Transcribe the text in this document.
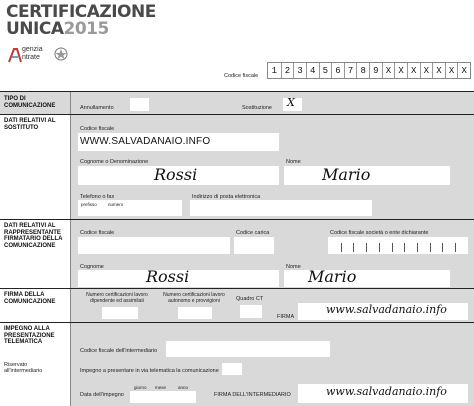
CERTIFICAZIONE
UNICA2015
genzia
ntrate
Codice fiscale	1 2 3 4 5 6 7 8 9 X X X X X X X
TIPO DI COMUNICAZIONE	Annullamento	Sostituzione X
DATI RELATIVI AL SOSTITUTO	Codice fiscale
WWW.SALVADANAIO.INFO
Cognome o Denominazione
Rossi
Nome
Mario
Telefono o fax
prefisso numero
Indirizzo di posta elettronica
DATI RELATIVI AL RAPPRESENTANTE FIRMATARIO DELLA COMUNICAZIONE
Codice fiscale	Codice carica	Codice fiscale società o ente dichiarante
Cognome	Rossi	Nome Mario
FIRMA DELLA COMUNICAZIONE
Numero certificazioni lavoro dipendente ed assimilati
Numero certificazioni lavoro autonomo e provvigioni	Quadro CT
FIRMA
www.salvadanaio.info
IMPEGNO ALLA PRESENTAZIONE TELEMATICA
Riservato all'intermediario
Codice fiscale dell'intermediario
Impegno a presentare in via telematica la comunicazione
Data dell'impegno
giorno mese	anno
FIRMA DELL'INTERMEDIARIO	www.salvadanaio.info
